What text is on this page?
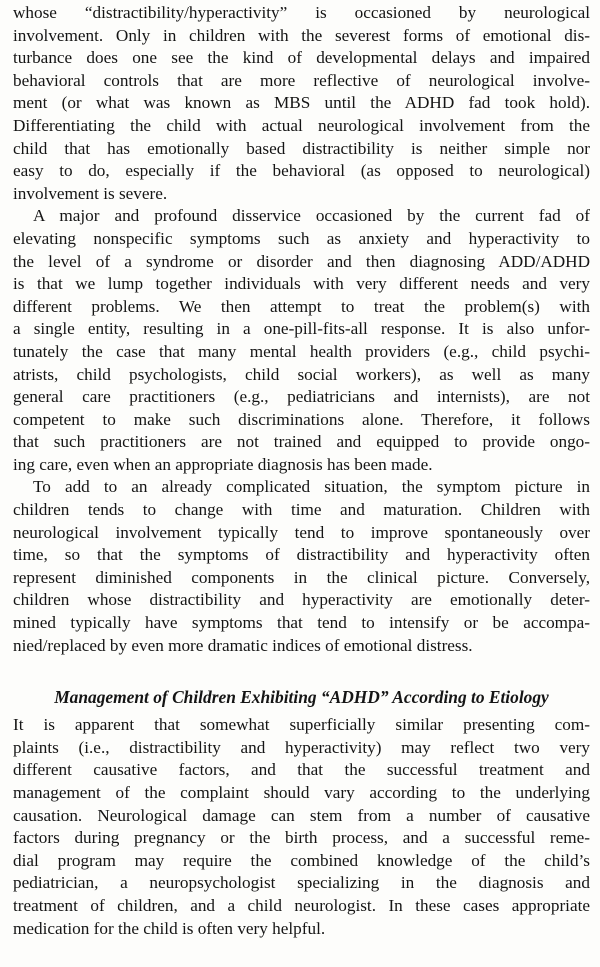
whose “distractibility/hyperactivity” is occasioned by neurological
involvement. Only in children with the severest forms of emotional dis-
turbance does one see the kind of developmental delays and impaired
behavioral controls that are more reflective of neurological involve-
ment (or what was known as MBS until the ADHD fad took hold).
Differentiating the child with actual neurological involvement from the
child that has emotionally based distractibility is neither simple nor
easy to do, especially if the behavioral (as opposed to neurological)
involvement is severe.
A major and profound disservice occasioned by the current fad of
elevating nonspecific symptoms such as anxiety and hyperactivity to
the level of a syndrome or disorder and then diagnosing ADD/ADHD
is that we lump together individuals with very different needs and very
different problems. We then attempt to treat the problem(s) with
a single entity, resulting in a one-pill-fits-all response. It is also unfor-
tunately the case that many mental health providers (e.g., child psychi-
atrists, child psychologists, child social workers), as well as many
general care practitioners (e.g., pediatricians and internists), are not
competent to make such discriminations alone. Therefore, it follows
that such practitioners are not trained and equipped to provide ongo-
ing care, even when an appropriate diagnosis has been made.
To add to an already complicated situation, the symptom picture in
children tends to change with time and maturation. Children with
neurological involvement typically tend to improve spontaneously over
time, so that the symptoms of distractibility and hyperactivity often
represent diminished components in the clinical picture. Conversely,
children whose distractibility and hyperactivity are emotionally deter-
mined typically have symptoms that tend to intensify or be accompa-
nied/replaced by even more dramatic indices of emotional distress.
Management of Children Exhibiting “ADHD” According to Etiology
It is apparent that somewhat superficially similar presenting com-
plaints (i.e., distractibility and hyperactivity) may reflect two very
different causative factors, and that the successful treatment and
management of the complaint should vary according to the underlying
causation. Neurological damage can stem from a number of causative
factors during pregnancy or the birth process, and a successful reme-
dial program may require the combined knowledge of the child’s
pediatrician, a neuropsychologist specializing in the diagnosis and
treatment of children, and a child neurologist. In these cases appropriate
medication for the child is often very helpful.
